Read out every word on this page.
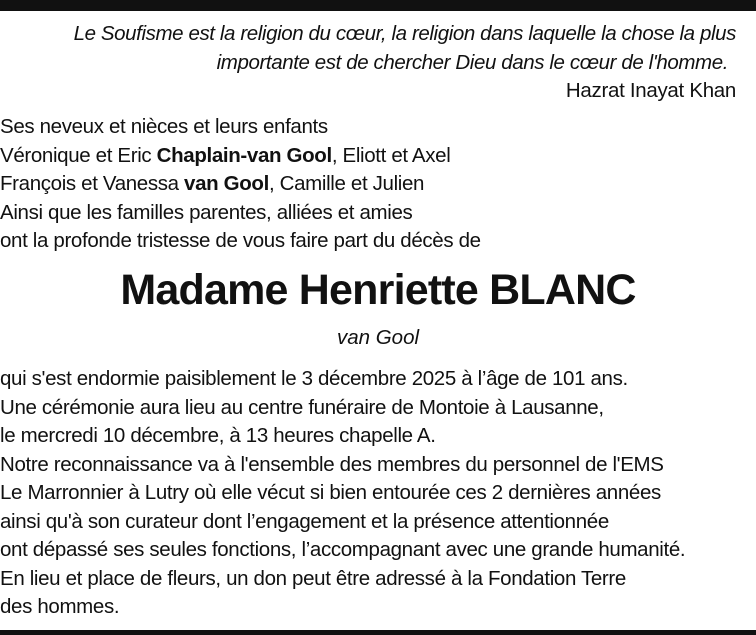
Le Soufisme est la religion du cœur, la religion dans laquelle la chose la plus
importante est de chercher Dieu dans le cœur de l'homme.
Hazrat Inayat Khan
Ses neveux et nièces et leurs enfants
Véronique et Eric Chaplain-van Gool, Eliott et Axel
François et Vanessa van Gool, Camille et Julien
Ainsi que les familles parentes, alliées et amies
ont la profonde tristesse de vous faire part du décès de
Madame Henriette BLANC
van Gool
qui s'est endormie paisiblement le 3 décembre 2025 à l’âge de 101 ans.
Une cérémonie aura lieu au centre funéraire de Montoie à Lausanne,
le mercredi 10 décembre, à 13 heures chapelle A.
Notre reconnaissance va à l'ensemble des membres du personnel de l'EMS
Le Marronnier à Lutry où elle vécut si bien entourée ces 2 dernières années
ainsi qu'à son curateur dont l’engagement et la présence attentionnée
ont dépassé ses seules fonctions, l’accompagnant avec une grande humanité.
En lieu et place de fleurs, un don peut être adressé à la Fondation Terre
des hommes.
